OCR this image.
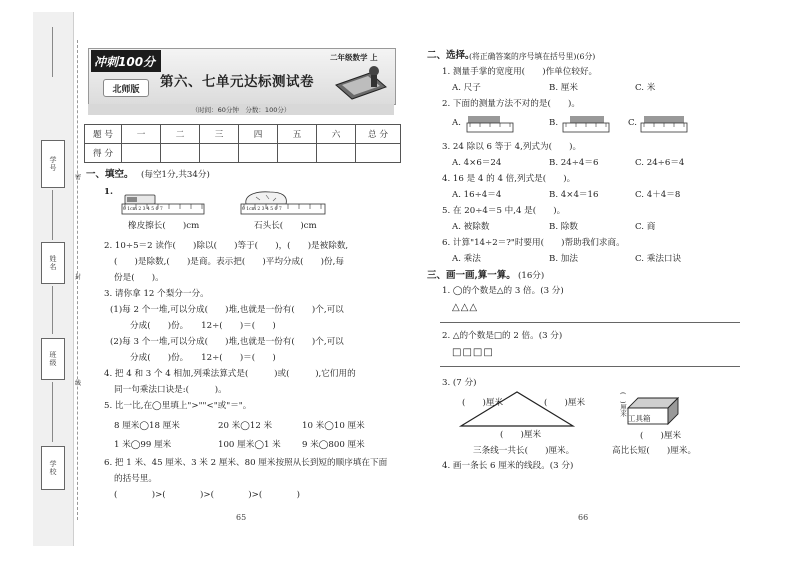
学号
姓名
班级
学校
密
封
线
冲刺100分
北师版	第六、七单元达标测试卷
二年级数学 上
（时间：60分钟　分数：100分）
题 号	一	二	三	四	五	六	总 分
得 分							
一、填空。 (每空1分,共34分)
1.
0 1cm 2 3 4 5 6 7
橡皮擦长(　　)cm
0 1cm 2 3 4 5 6 7
石头长(　　)cm
2. 10÷5＝2 读作(　　)除以(　　)等于(　　)，(　　)是被除数,
(　　)是除数,(　　)是商。表示把(　　)平均分成(　　)份,每
份是(　　)。
3. 请你拿 12 个梨分一分。
(1)每 2 个一堆,可以分成(　　)堆,也就是一份有(　　)个,可以
分成(　　)份。　　12÷(　　)＝(　　)
(2)每 3 个一堆,可以分成(　　)堆,也就是一份有(　　)个,可以
分成(　　)份。　　12÷(　　)＝(　　)
4. 把 4 和 3 个 4 相加,列乘法算式是(　　　)或(　　　),它们用的
同一句乘法口诀是:(　　　)。
5. 比一比,在◯里填上">""<"或"＝"。
8 厘米◯18 厘米	20 米◯12 米	10 米◯10 厘米
1 米◯99 厘米	100 厘米◯1 米 9 米◯800 厘米
6. 把 1 米、45 厘米、3 米 2 厘米、80 厘米按照从长到短的顺序填在下面
的括号里。
(　　　　)>(　　　　)>(　　　　)>(　　　　)
65
二、选择。
(将正确答案的序号填在括号里)(6分)
1. 测量手掌的宽度用(　　)作单位较好。
A. 尺子	B. 厘米	C. 米
2. 下面的测量方法不对的是(　　)。
A.	B.	C.
3. 24 除以 6 等于 4,列式为(　　)。
A. 4×6＝24	B. 24÷4＝6	C. 24÷6＝4
4. 16 是 4 的 4 倍,列式是(　　)。
A. 16÷4＝4	B. 4×4＝16	C. 4＋4＝8
5. 在 20÷4＝5 中,4 是(　　)。
A. 被除数	B. 除数	C. 商
6. 计算"14÷2＝?"时要用(　　)帮助我们求商。
A. 乘法	B. 加法	C. 乘法口诀
三、画一画,算一算。 (16分)
1. ◯的个数是△的 3 倍。(3 分)
△△△
2. △的个数是□的 2 倍。(3 分)
□□□□
3. (7 分)
(　　)厘米	(　　)厘米
(　　)厘米
三条线一共长(　　)厘米。
工具箱
(　)厘米
(　　)厘米
高比长短(　　)厘米。
4. 画一条长 6 厘米的线段。(3 分)
66
